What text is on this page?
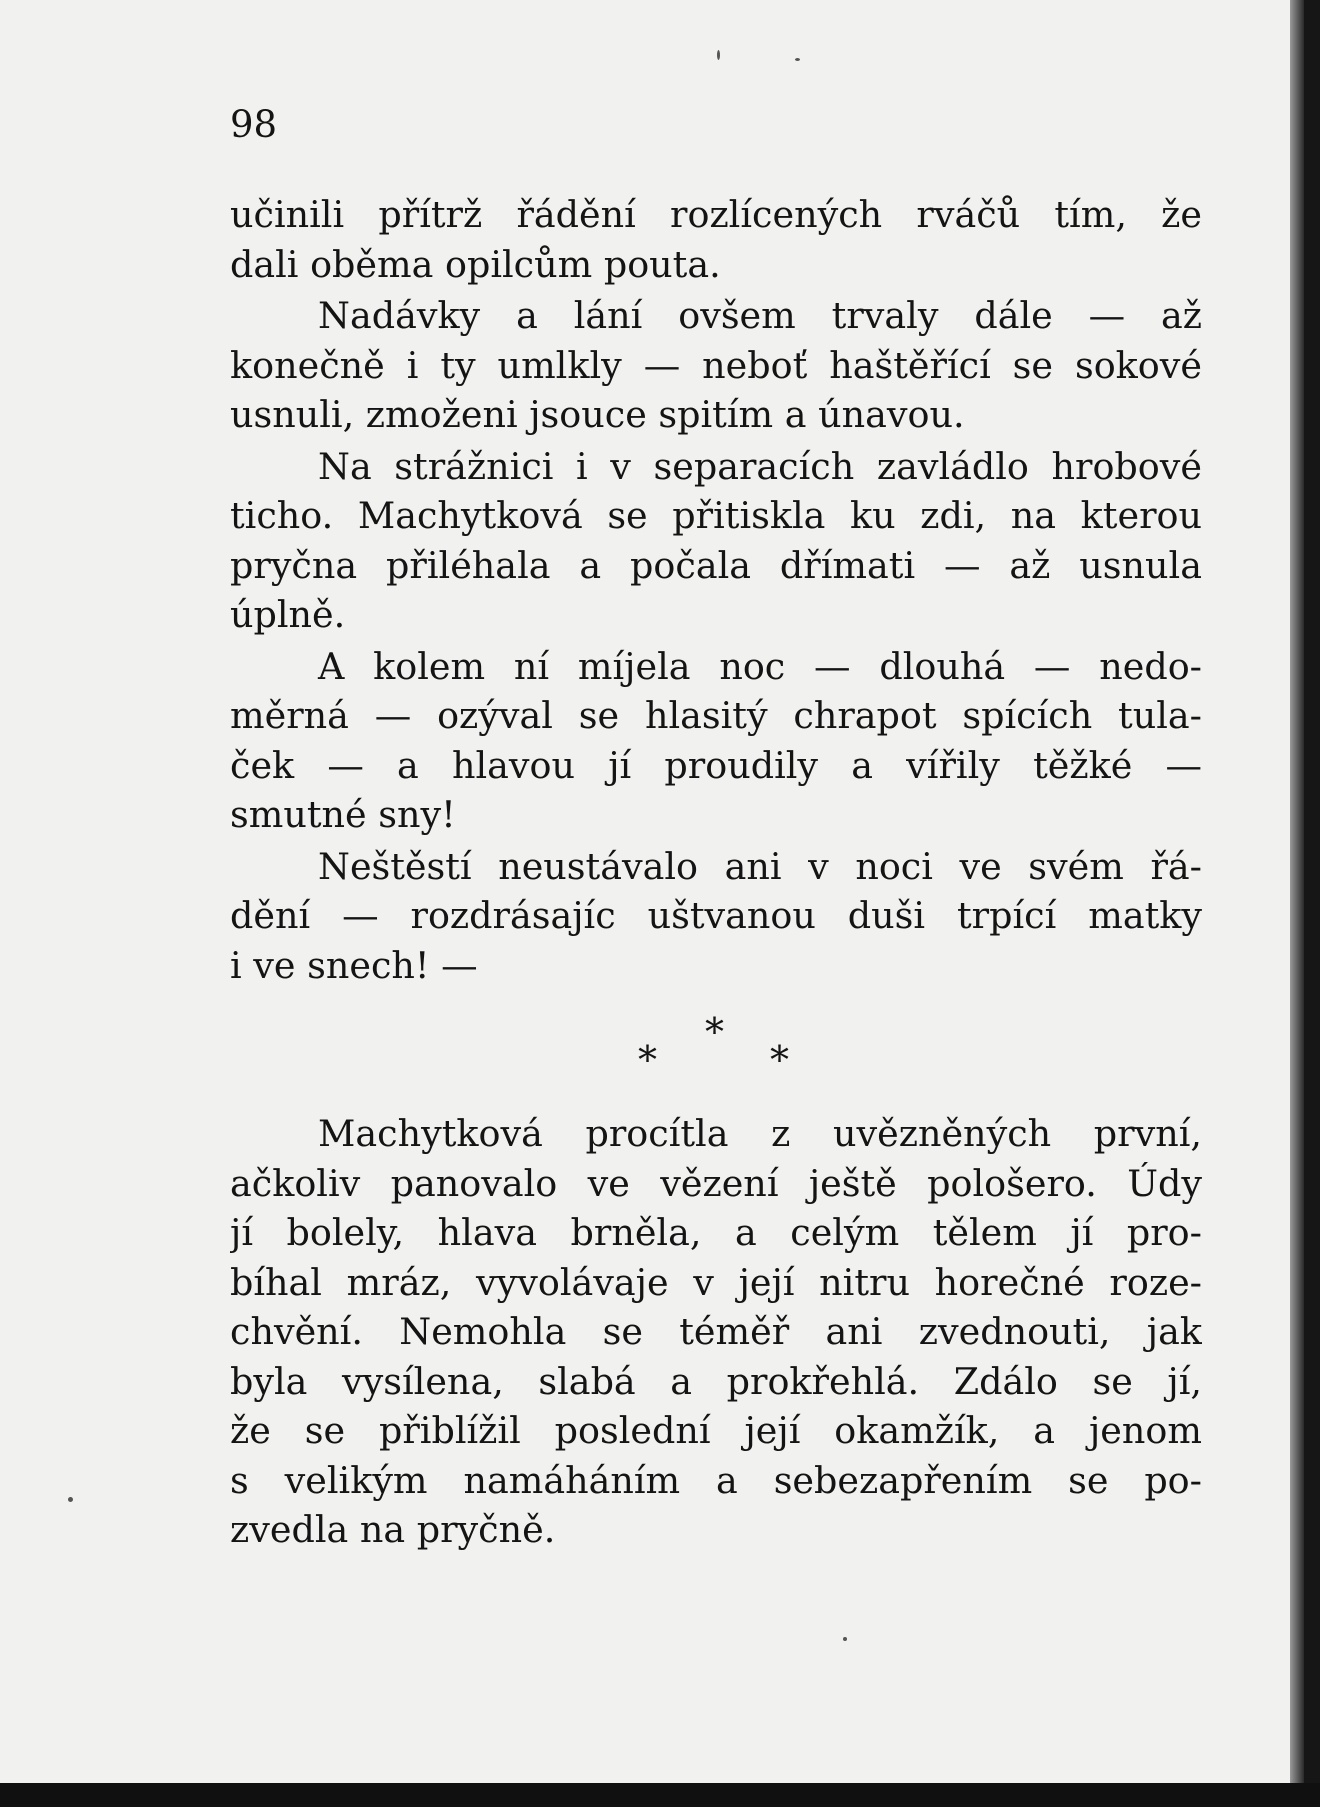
98
učinili přítrž řádění rozlícených rváčů tím, že
dali oběma opilcům pouta.
Nadávky a lání ovšem trvaly dále — až
konečně i ty umlkly — neboť haštěřící se sokové
usnuli, zmoženi jsouce spitím a únavou.
Na strážnici i v separacích zavládlo hrobové
ticho. Machytková se přitiskla ku zdi, na kterou
pryčna přiléhala a počala dřímati — až usnula
úplně.
A kolem ní míjela noc — dlouhá — nedo-
měrná — ozýval se hlasitý chrapot spících tula-
ček — a hlavou jí proudily a vířily těžké —
smutné sny!
Neštěstí neustávalo ani v noci ve svém řá-
dění — rozdrásajíc uštvanou duši trpící matky
i ve snech! —
*
*	*
Machytková procítla z uvězněných první,
ačkoliv panovalo ve vězení ještě pološero. Údy
jí bolely, hlava brněla, a celým tělem jí pro-
bíhal mráz, vyvolávaje v její nitru horečné roze-
chvění. Nemohla se téměř ani zvednouti, jak
byla vysílena, slabá a prokřehlá. Zdálo se jí,
že se přiblížil poslední její okamžík, a jenom
s velikým namáháním a sebezapřením se po-
zvedla na pryčně.
